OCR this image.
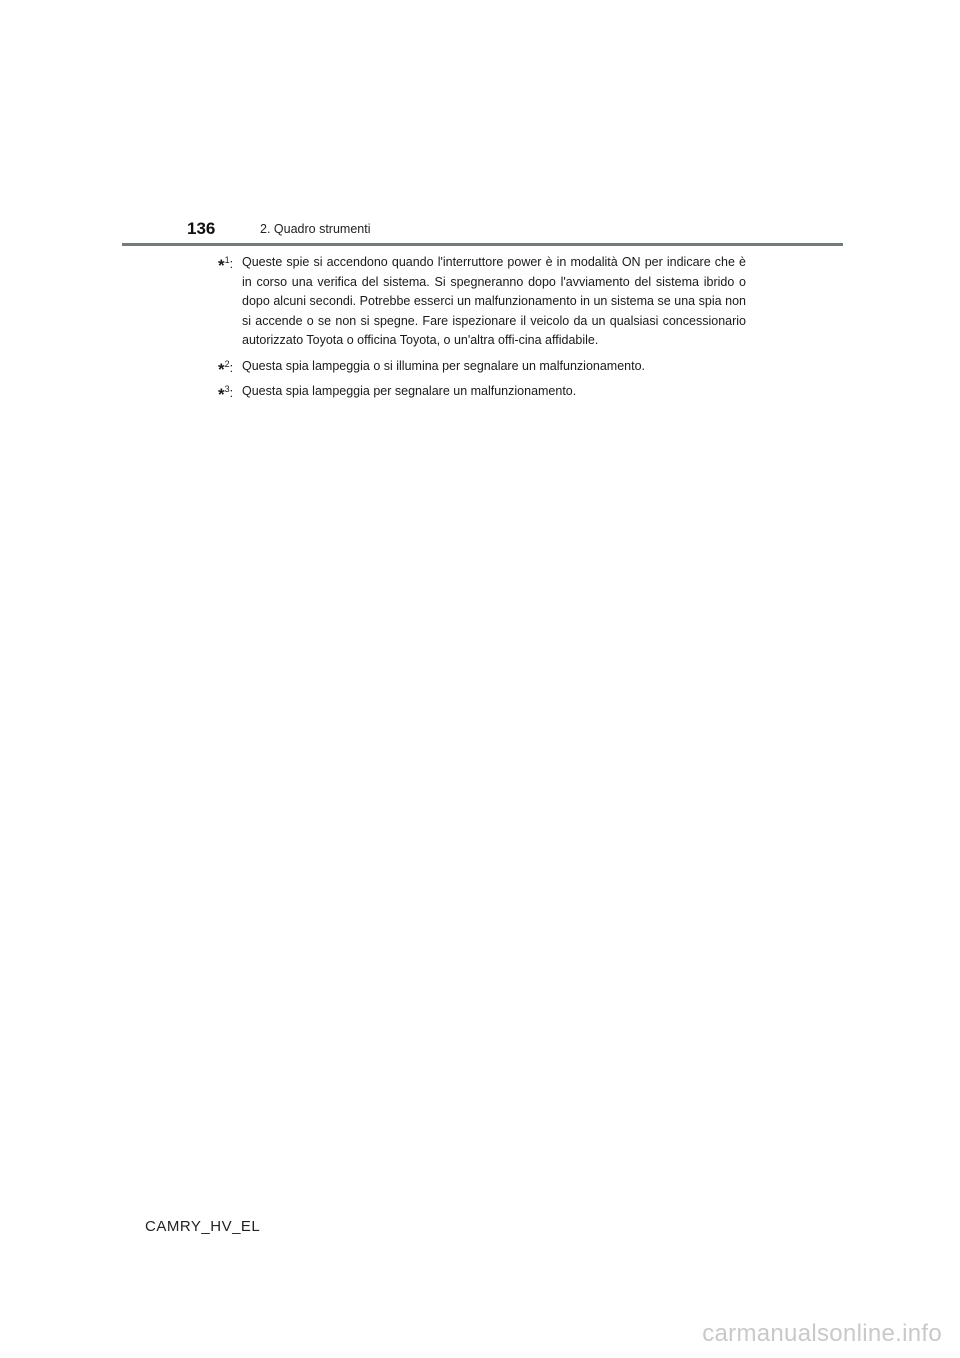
136	2. Quadro strumenti
*$^1$: Queste spie si accendono quando l'interruttore power è in modalità ON per indicare che è in corso una verifica del sistema. Si spegneranno dopo l'avviamento del sistema ibrido o dopo alcuni secondi. Potrebbe esserci un malfunzionamento in un sistema se una spia non si accende o se non si spegne. Fare ispezionare il veicolo da un qualsiasi concessionario autorizzato Toyota o officina Toyota, o un'altra offi-cina affidabile.
*$^2$: Questa spia lampeggia o si illumina per segnalare un malfunzionamento.
*$^3$: Questa spia lampeggia per segnalare un malfunzionamento.
CAMRY_HV_EL
carmanualsonline.info
